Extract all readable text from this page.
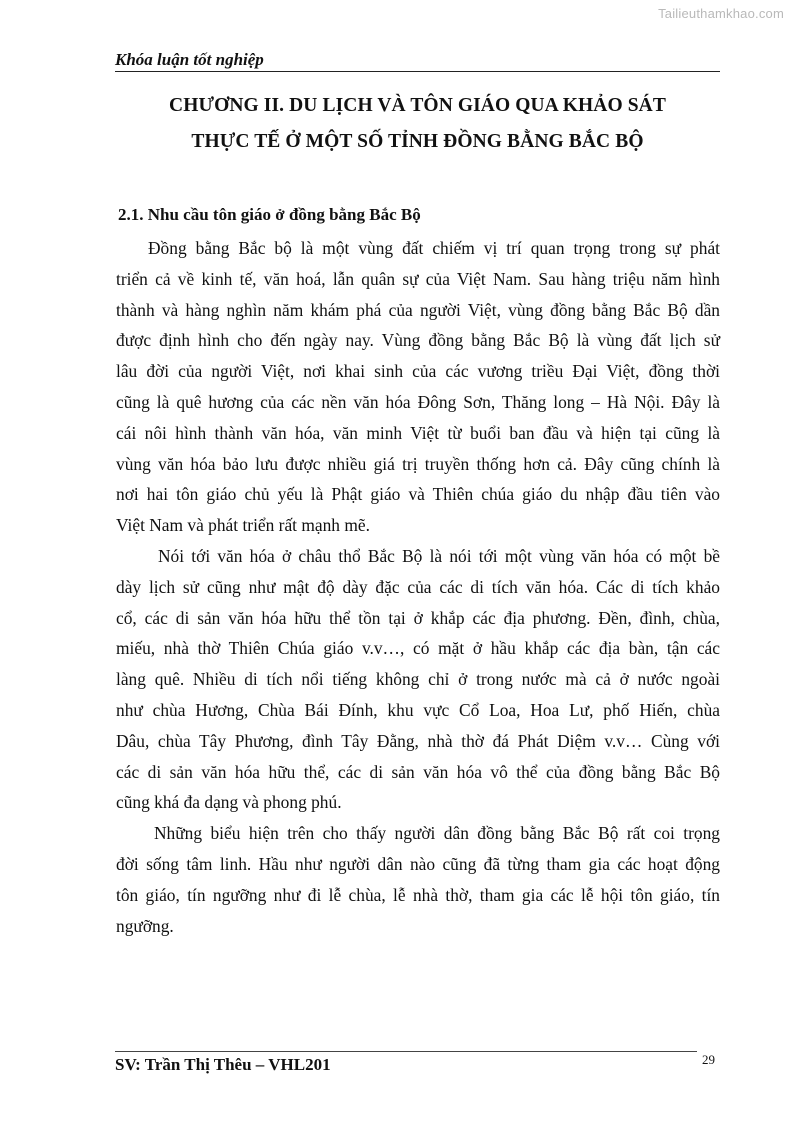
Tailieuthamkhao.com
Khóa luận tốt nghiệp
CHƯƠNG II. DU LỊCH VÀ TÔN GIÁO QUA KHẢO SÁT
THỰC TẾ Ở MỘT SỐ TỈNH ĐỒNG BẰNG BẮC BỘ
2.1. Nhu cầu tôn giáo ở đồng bằng Bắc Bộ
Đồng bằng Bắc bộ là một vùng đất chiếm vị trí quan trọng trong sự phát
triển cả về kinh tế, văn hoá, lẫn quân sự của Việt Nam. Sau hàng triệu năm hình
thành và hàng nghìn năm khám phá của người Việt, vùng đồng bằng Bắc Bộ dần
được định hình cho đến ngày nay. Vùng đồng bằng Bắc Bộ là vùng đất lịch sử
lâu đời của người Việt, nơi khai sinh của các vương triều Đại Việt, đồng thời
cũng là quê hương của các nền văn hóa Đông Sơn, Thăng long – Hà Nội. Đây là
cái nôi hình thành văn hóa, văn minh Việt từ buổi ban đầu và hiện tại cũng là
vùng văn hóa bảo lưu được nhiều giá trị truyền thống hơn cả. Đây cũng chính là
nơi hai tôn giáo chủ yếu là Phật giáo và Thiên chúa giáo du nhập đầu tiên vào
Việt Nam và phát triển rất mạnh mẽ.
Nói tới văn hóa ở châu thổ Bắc Bộ là nói tới một vùng văn hóa có một bề
dày lịch sử cũng như mật độ dày đặc của các di tích văn hóa. Các di tích khảo
cổ, các di sản văn hóa hữu thể tồn tại ở khắp các địa phương. Đền, đình, chùa,
miếu, nhà thờ Thiên Chúa giáo v.v…, có mặt ở hầu khắp các địa bàn, tận các
làng quê. Nhiều di tích nổi tiếng không chỉ ở trong nước mà cả ở nước ngoài
như chùa Hương, Chùa Bái Đính, khu vực Cổ Loa, Hoa Lư, phố Hiến, chùa
Dâu, chùa Tây Phương, đình Tây Đằng, nhà thờ đá Phát Diệm v.v… Cùng với
các di sản văn hóa hữu thể, các di sản văn hóa vô thể của đồng bằng Bắc Bộ
cũng khá đa dạng và phong phú.
Những biểu hiện trên cho thấy người dân đồng bằng Bắc Bộ rất coi trọng
đời sống tâm linh. Hầu như người dân nào cũng đã từng tham gia các hoạt động
tôn giáo, tín ngưỡng như đi lễ chùa, lễ nhà thờ, tham gia các lễ hội tôn giáo, tín
ngưỡng.
SV: Trần Thị Thêu – VHL201	29
